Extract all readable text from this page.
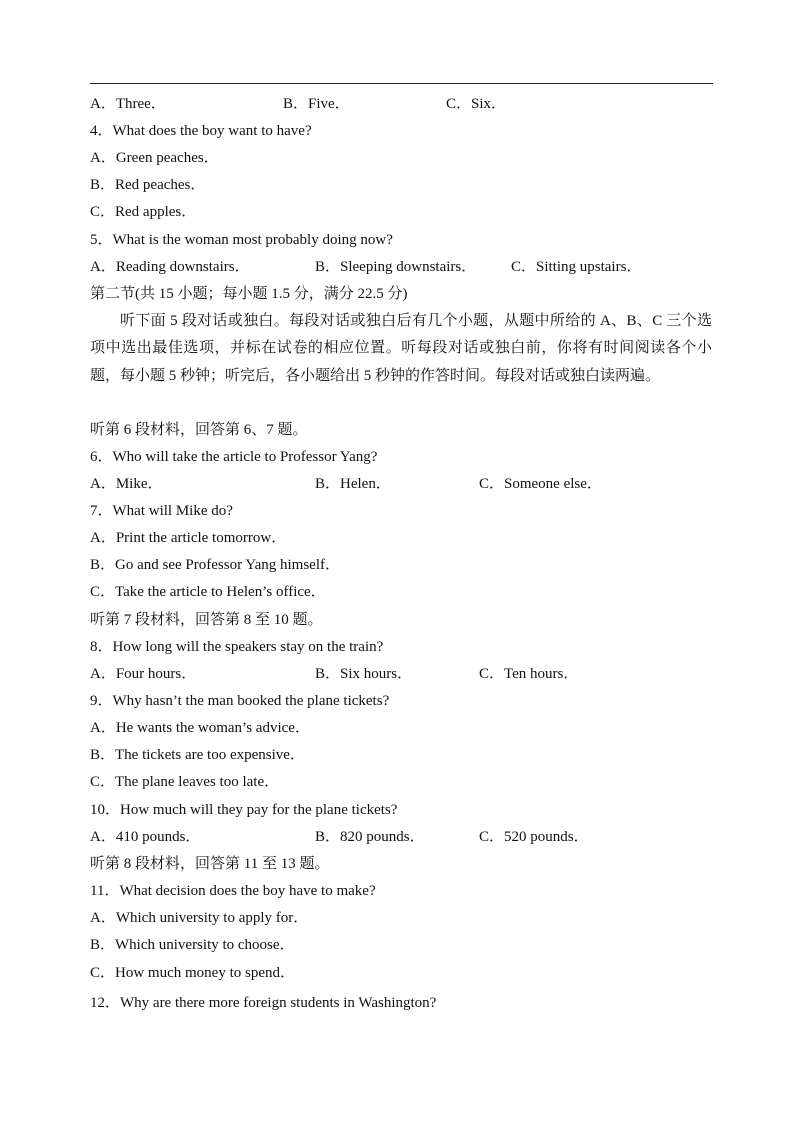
A．Three．	B．Five．	C．Six．
4．What does the boy want to have?
A．Green peaches．
B．Red peaches．
C．Red apples．
5．What is the woman most probably doing now?
A．Reading downstairs．	B．Sleeping downstairs． C．Sitting upstairs．
第二节(共 15 小题；每小题 1.5 分，满分 22.5 分)
听下面 5 段对话或独白。每段对话或独白后有几个小题，从题中所给的 A、B、C 三个选项中选出最佳选项，并标在试卷的相应位置。听每段对话或独白前，你将有时间阅读各个小题，每小题 5 秒钟；听完后，各小题给出 5 秒钟的作答时间。每段对话或独白读两遍。
听第 6 段材料，回答第 6、7 题。
6．Who will take the article to Professor Yang?
A．Mike．	B．Helen．	C．Someone else．
7．What will Mike do?
A．Print the article tomorrow．
B．Go and see Professor Yang himself．
C．Take the article to Helen’s office．
听第 7 段材料，回答第 8 至 10 题。
8．How long will the speakers stay on the train?
A．Four hours．	B．Six hours．	C．Ten hours．
9．Why hasn’t the man booked the plane tickets?
A．He wants the woman’s advice．
B．The tickets are too expensive．
C．The plane leaves too late．
10．How much will they pay for the plane tickets?
A．410 pounds．	B．820 pounds．	C．520 pounds．
听第 8 段材料，回答第 11 至 13 题。
11．What decision does the boy have to make?
A．Which university to apply for．
B．Which university to choose．
C．How much money to spend．
12．Why are there more foreign students in Washington?
